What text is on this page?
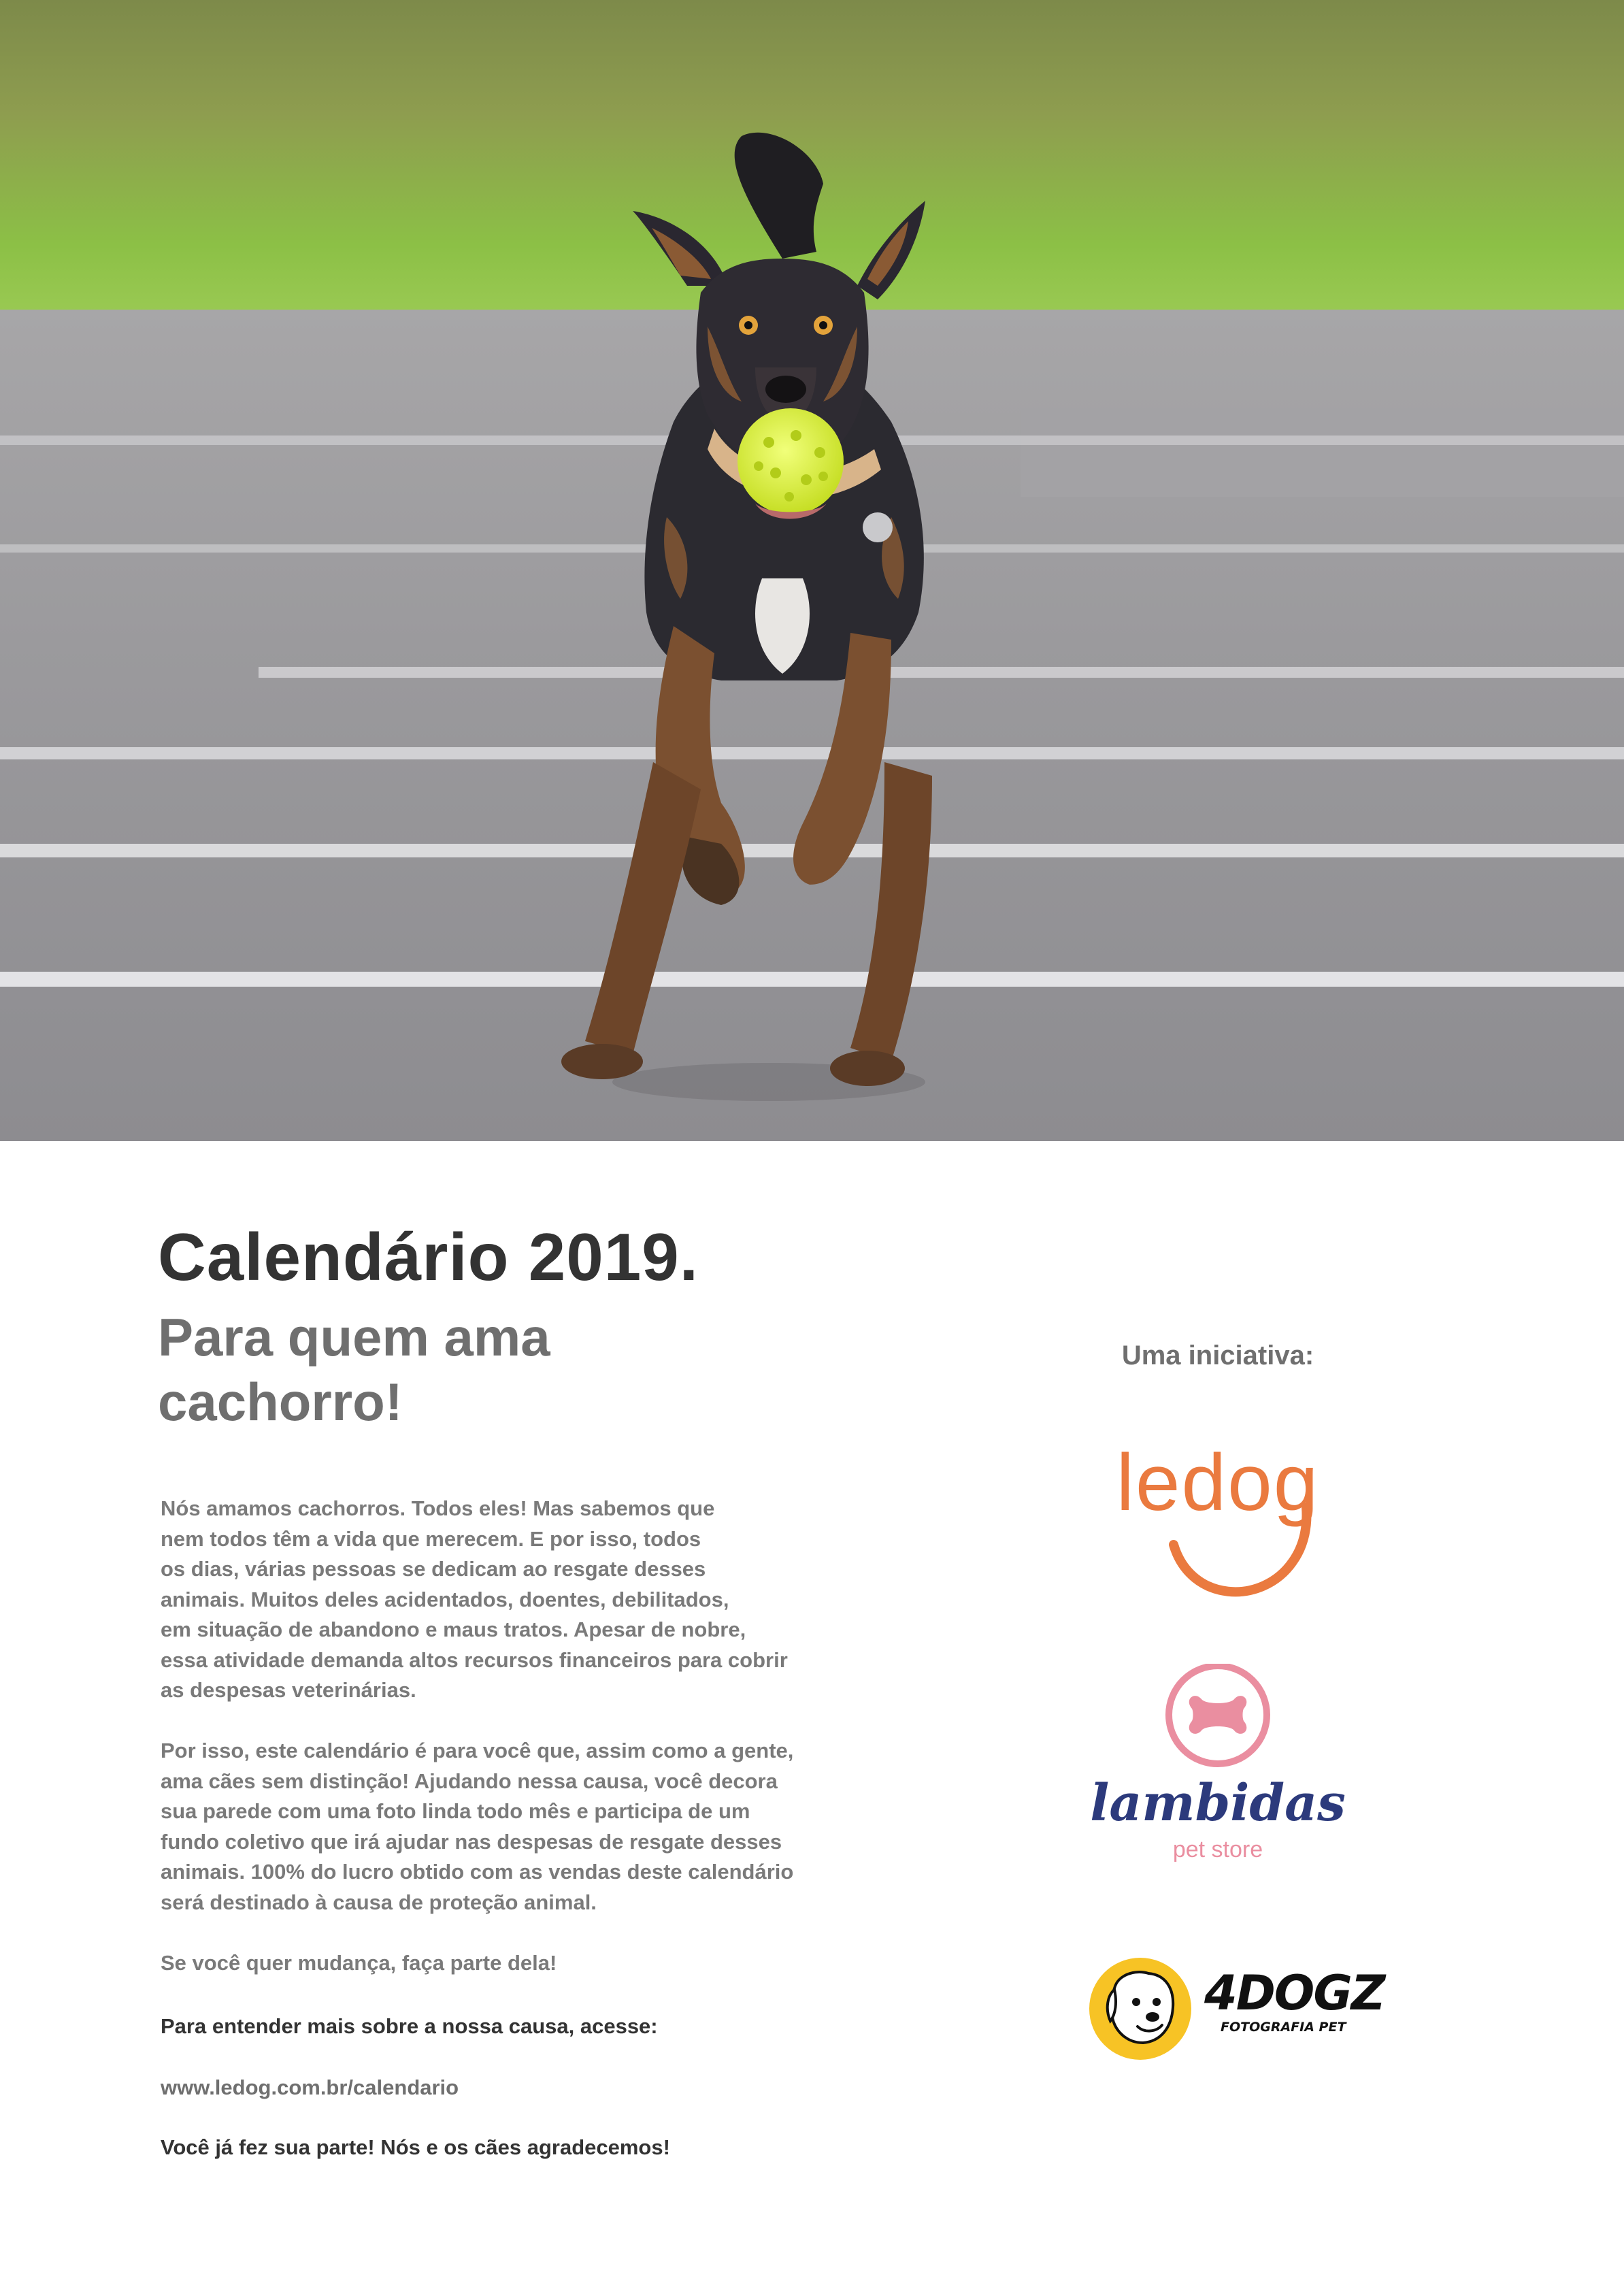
Calendário 2019.
Para quem ama
cachorro!

Nós amamos cachorros. Todos eles! Mas sabemos que
nem todos têm a vida que merecem. E por isso, todos
os dias, várias pessoas se dedicam ao resgate desses
animais. Muitos deles acidentados, doentes, debilitados,
em situação de abandono e maus tratos. Apesar de nobre,
essa atividade demanda altos recursos financeiros para cobrir
as despesas veterinárias.

Por isso, este calendário é para você que, assim como a gente,
ama cães sem distinção! Ajudando nessa causa, você decora
sua parede com uma foto linda todo mês e participa de um
fundo coletivo que irá ajudar nas despesas de resgate desses
animais. 100% do lucro obtido com as vendas deste calendário
será destinado à causa de proteção animal.

Se você quer mudança, faça parte dela!

Para entender mais sobre a nossa causa, acesse:
www.ledog.com.br/calendario
Você já fez sua parte! Nós e os cães agradecemos!
Uma iniciativa:
ledog
lambidas
pet store
4DOGZ
FOTOGRAFIA PET
